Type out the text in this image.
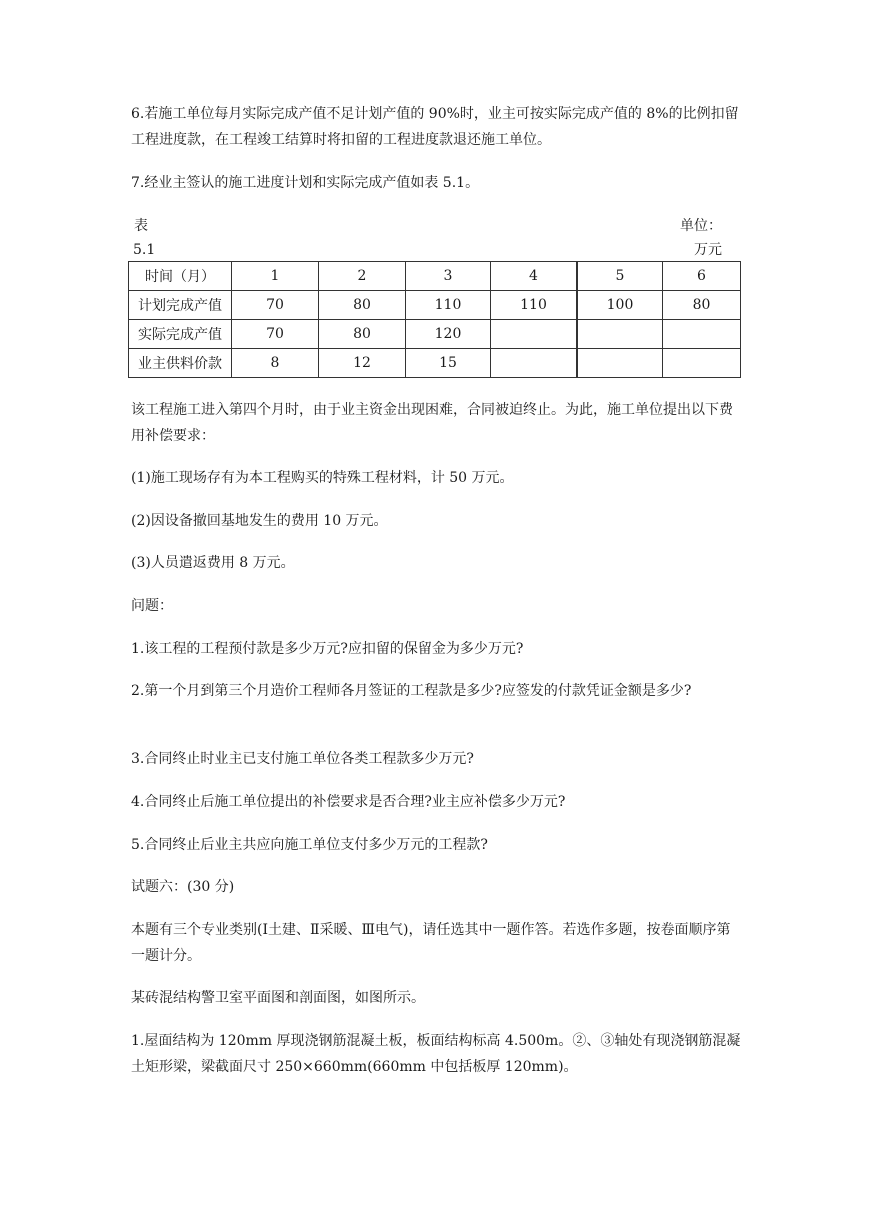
6.若施工单位每月实际完成产值不足计划产值的 90%时，业主可按实际完成产值的 8%的比例扣留工程进度款，在工程竣工结算时将扣留的工程进度款退还施工单位。

7.经业主签认的施工进度计划和实际完成产值如表 5.1。

表
5.1
单位：
万元
时间（月）	1	2	3	4	5	6
计划完成产值	70	80	110	110	100	80
实际完成产值	70	80	120			
业主供料价款	8	12	15			

该工程施工进入第四个月时，由于业主资金出现困难，合同被迫终止。为此，施工单位提出以下费用补偿要求：

(1)施工现场存有为本工程购买的特殊工程材料，计 50 万元。

(2)因设备撤回基地发生的费用 10 万元。

(3)人员遣返费用 8 万元。

问题：

1.该工程的工程预付款是多少万元?应扣留的保留金为多少万元?

2.第一个月到第三个月造价工程师各月签证的工程款是多少?应签发的付款凭证金额是多少?

3.合同终止时业主已支付施工单位各类工程款多少万元?

4.合同终止后施工单位提出的补偿要求是否合理?业主应补偿多少万元?

5.合同终止后业主共应向施工单位支付多少万元的工程款?

试题六：(30 分)

本题有三个专业类别(Ⅰ土建、Ⅱ采暖、Ⅲ电气)，请任选其中一题作答。若选作多题，按卷面顺序第一题计分。

某砖混结构警卫室平面图和剖面图，如图所示。

1.屋面结构为 120mm 厚现浇钢筋混凝土板，板面结构标高 4.500m。②、③轴处有现浇钢筋混凝土矩形梁，梁截面尺寸 250×660mm(660mm 中包括板厚 120mm)。
